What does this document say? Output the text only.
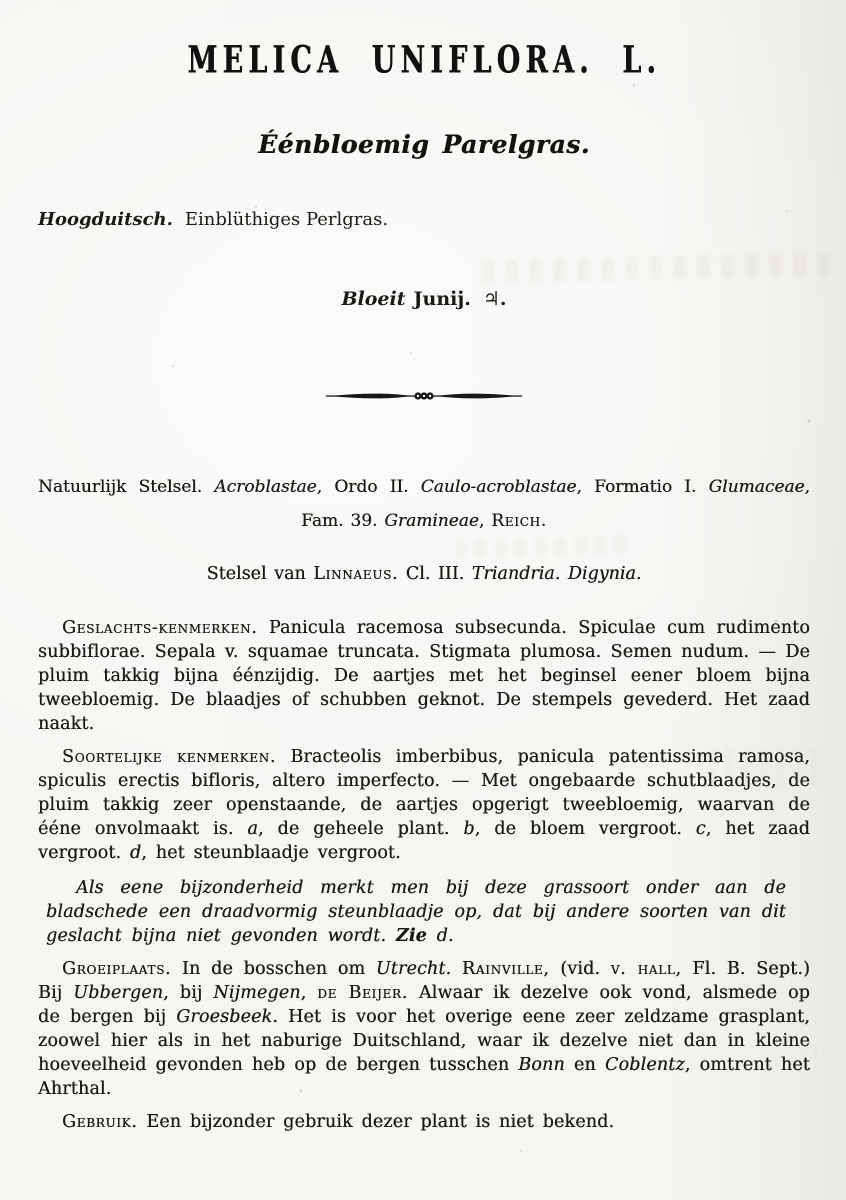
MELICA UNIFLORA. L.
Éénbloemig Parelgras.

Hoogduitsch. Einblüthiges Perlgras.

Bloeit Junij. ♃.

Natuurlijk Stelsel. Acroblastae, Ordo II. Caulo-acroblastae, Formatio I. Glumaceae, Fam. 39. Gramineae, Reich.

Stelsel van Linnaeus. Cl. III. Triandria. Digynia.

Geslachts-kenmerken. Panicula racemosa subsecunda. Spiculae cum rudimento subbiflorae. Sepala v. squamae truncata. Stigmata plumosa. Semen nudum. — De pluim takkig bijna éénzijdig. De aartjes met het beginsel eener bloem bijna tweebloemig. De blaadjes of schubben geknot. De stempels gevederd. Het zaad naakt.

Soortelijke kenmerken. Bracteolis imberbibus, panicula patentissima ramosa, spiculis erectis bifloris, altero imperfecto. — Met ongebaarde schutblaadjes, de pluim takkig zeer openstaande, de aartjes opgerigt tweebloemig, waarvan de ééne onvolmaakt is. a, de geheele plant. b, de bloem vergroot. c, het zaad vergroot. d, het steunblaadje vergroot.

Als eene bijzonderheid merkt men bij deze grassoort onder aan de bladschede een draadvormig steunblaadje op, dat bij andere soorten van dit geslacht bijna niet gevonden wordt. Zie d.

Groeiplaats. In de bosschen om Utrecht. Rainville, (vid. v. hall, Fl. B. Sept.) Bij Ubbergen, bij Nijmegen, de Beijer. Alwaar ik dezelve ook vond, alsmede op de bergen bij Groesbeek. Het is voor het overige eene zeer zeldzame grasplant, zoowel hier als in het naburige Duitschland, waar ik dezelve niet dan in kleine hoeveelheid gevonden heb op de bergen tusschen Bonn en Coblentz, omtrent het Ahrthal.

Gebruik. Een bijzonder gebruik dezer plant is niet bekend.
